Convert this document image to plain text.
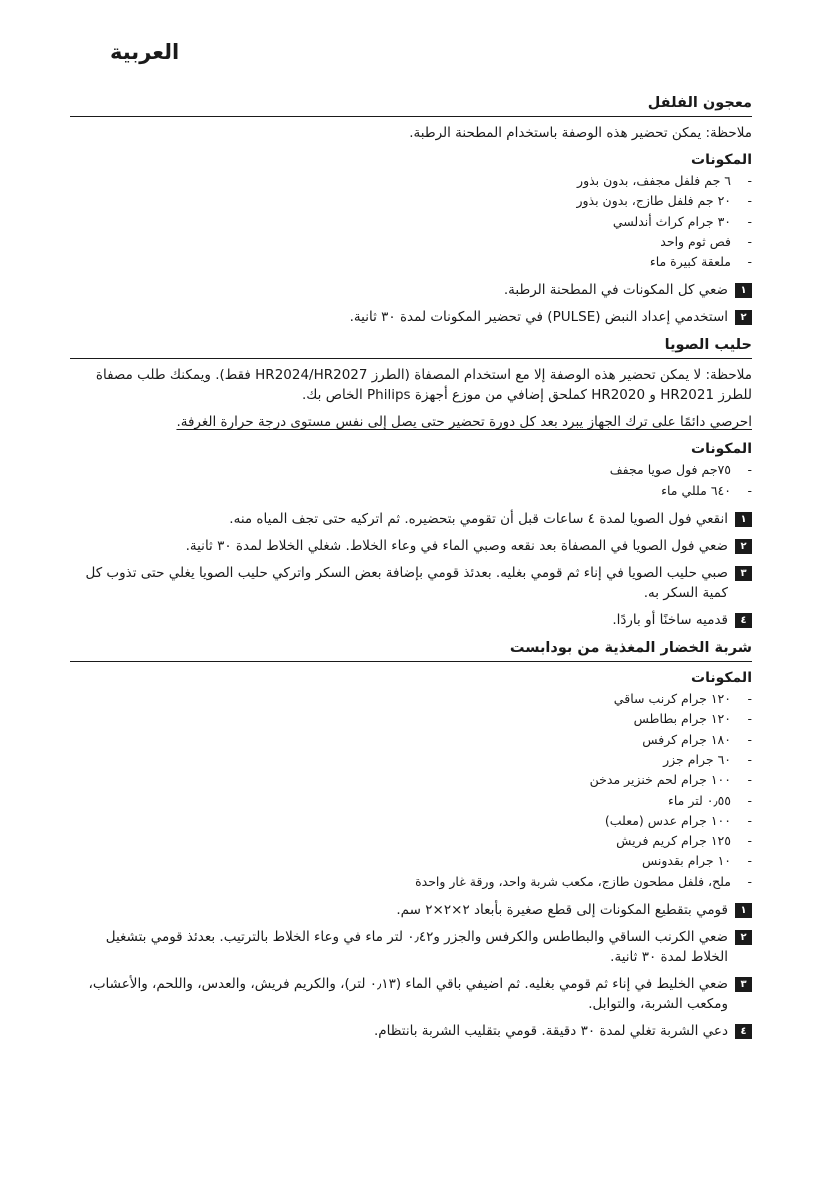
العربية
معجون الفلفل

ملاحظة: يمكن تحضير هذه الوصفة باستخدام المطحنة الرطبة.

المكونات
- ٦ جم فلفل مجفف، بدون بذور
- ٢٠ جم فلفل طازج، بدون بذور
- ٣٠ جرام كراث أندلسي
- فص ثوم واحد
- ملعقة كبيرة ماء
١
ضعي كل المكونات في المطحنة الرطبة.
٢
استخدمي إعداد النبض (PULSE) في تحضير المكونات لمدة ٣٠ ثانية.
حليب الصويا

ملاحظة: لا يمكن تحضير هذه الوصفة إلا مع استخدام المصفاة (الطرز HR2024/HR2027 فقط). ويمكنك طلب مصفاة للطرز HR2021 و HR2020 كملحق إضافي من موزع أجهزة Philips الخاص بك.

احرصي دائمًا على ترك الجهاز يبرد بعد كل دورة تحضير حتى يصل إلى نفس مستوى درجة حرارة الغرفة.

المكونات
- ٧٥جم فول صويا مجفف
- ٦٤٠ مللي ماء
١
انقعي فول الصويا لمدة ٤ ساعات قبل أن تقومي بتحضيره. ثم اتركيه حتى تجف المياه منه.
٢
ضعي فول الصويا في المصفاة بعد نقعه وصبي الماء في وعاء الخلاط. شغلي الخلاط لمدة ٣٠ ثانية.
٣
صبي حليب الصويا في إناء ثم قومي بغليه. بعدئذ قومي بإضافة بعض السكر واتركي حليب الصويا يغلي حتى تذوب كل كمية السكر به.
٤
قدميه ساخنًا أو باردًا.
شربة الخضار المغذية من بودابست
المكونات
- ١٢٠ جرام كرنب ساقي
- ١٢٠ جرام بطاطس
- ١٨٠ جرام كرفس
- ٦٠ جرام جزر
- ١٠٠ جرام لحم خنزير مدخن
- ٠٫٥٥ لتر ماء
- ١٠٠ جرام عدس (معلب)
- ١٢٥ جرام كريم فريش
- ١٠ جرام بقدونس
- ملح، فلفل مطحون طازج، مكعب شربة واحد، ورقة غار واحدة
١
قومي بتقطيع المكونات إلى قطع صغيرة بأبعاد ٢×٢×٢ سم.
٢
ضعي الكرنب الساقي والبطاطس والكرفس والجزر و٠٫٤٢ لتر ماء في وعاء الخلاط بالترتيب. بعدئذ قومي بتشغيل الخلاط لمدة ٣٠ ثانية.
٣
ضعي الخليط في إناء ثم قومي بغليه. ثم اضيفي باقي الماء (٠٫١٣ لتر)، والكريم فريش، والعدس، واللحم، والأعشاب، ومكعب الشربة، والتوابل.
٤
دعي الشربة تغلي لمدة ٣٠ دقيقة. قومي بتقليب الشربة بانتظام.
